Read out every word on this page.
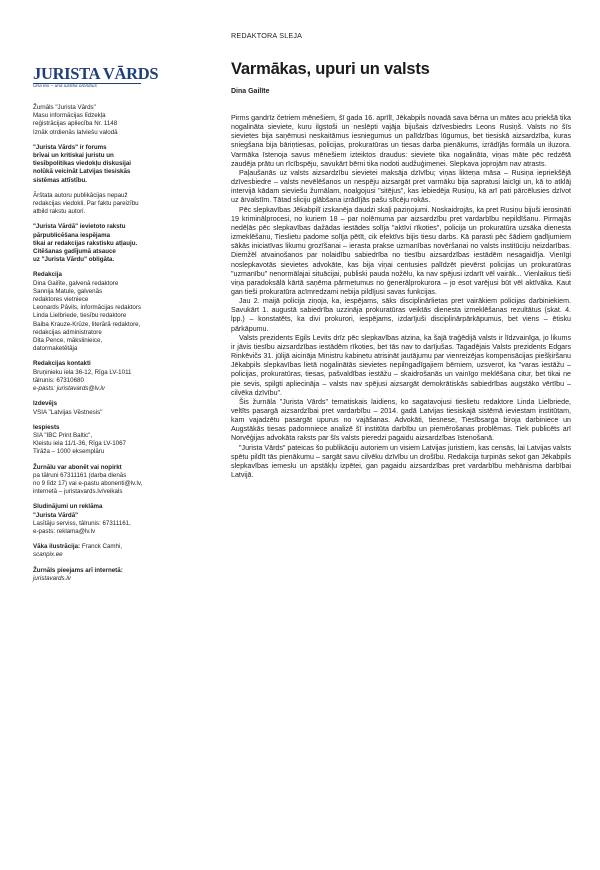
REDAKTORA SLEJA
JURISTA VĀRDS
Una lex – una iustitia omnibus
Žurnāls "Jurista Vārds"
Masu informācijas līdzekļa
reģistrācijas apliecība Nr. 1148
Iznāk otrdienās latviešu valodā
"Jurista Vārds" ir forums
brīvai un kritiskai juristu un
tiesībpolitikas viedokļu diskusijai
nolūkā veicināt Latvijas tiesiskās
sistēmas attīstību.
Ārštata autoru publikācijas nepauž
redakcijas viedokli. Par faktu pareizību
atbild rakstu autori.
"Jurista Vārdā" ievietoto rakstu
pārpublicēšana iespējama
tikai ar redakcijas rakstisku atļauju.
Citēšanas gadījumā atsauce
uz "Jurista Vārdu" obligāta.
Redakcija
Dina Gailīte, galvenā redaktore
Sannija Matule, galvenās
redaktores vietniece
Leonards Pāvils, informācijas redaktors
Linda Lielbriede, tiesību redaktore
Baiba Krauze-Krūze, literārā redaktore,
redakcijas administratore
Dita Pence, mākslinieice,
datormaketētāja
Redakcijas kontakti
Bruņinieku iela 36-12, Rīga LV-1011
tālrunis: 67310680
e-pasts: juristavards@lv.lv
Izdevējs
VSIA "Latvijas Vēstnesis"
Iespiests
SIA "IBC Print Baltic",
Kleistu iela 11/1-36, Rīga LV-1067
Tirāža – 1000 eksemplāru
Žurnālu var abonēt vai nopirkt
pa tālruni 67311161 (darba dienās
no 9 līdz 17) vai e-pastu abonenti@lv.lv,
internetā – juristavards.lv/veikals
Sludinājumi un reklāma
"Jurista Vārdā"
Lasītāju serviss, tālrunis: 67311161,
e-pasts: reklama@lv.lv
Vāka ilustrācija: Franck Camhi,
scanpix.ee
Žurnāls pieejams arī internetā:
juristavards.lv
Varmākas, upuri un valsts
Dina Gailīte

Pirms gandrīz četriem mēnešiem, šī gada 16. aprīlī, Jēkabpils novadā sava bērna un mātes acu priekšā tika nogalināta sieviete, kuru ilgstoši un neslēpti vajāja bijušais dzīvesbiedrs Leons Rusiņš. Valsts no šīs sievietes bija saņēmusi neskaitāmus iesniegumus un palīdzības lūgumus, bet tiesiskā aizsardzība, kuras sniegšana bija bāriņtiesas, policijas, prokuratūras un tiesas darba pienākums, izrādījās formāla un iluzora. Varmāka īstenoja savus mēnešiem izteiktos draudus: sieviete tika nogalināta, viņas māte pēc redzētā zaudēja prātu un rīcībspēju, savukārt bērni tika nodoti audžuģimenei. Slepkava joprojām nav atrasts.

Paļaušanās uz valsts aizsardzību sievietei maksāja dzīvību; viņas likteņa māsa – Rusiņa iepriekšējā dzīvesbiedre – valsts nevēlēšanos un nespēju aizsargāt pret varmāku bija sapratusi laicīgi un, kā to atklāj intervijā kādam sieviešu žurnālam, noalgojusi "sitējus", kas iebiedēja Rusiņu, kā arī pati pārcēlusies dzīvot uz ārvalstīm. Tātad sliciju glābšana izrādījās pašu slīcēju rokās.

Pēc slepkavības Jēkabpilī izskanēja daudzi skaļi paziņojumi. Noskaidrojās, ka pret Rusiņu bijuši ierosināti 19 kriminālprocesi, no kuriem 18 – par nolēmuma par aizsardzību pret vardarbību nepildīšanu. Pirmajās nedēļās pēc slepkavības dažādas iestādes solīja "aktīvi rīkoties", policija un prokuratūra uzsāka dienesta izmeklēšanu, Tieslietu padome solīja pētīt, cik efektīvs bijis tiesu darbs. Kā parasti pēc šādiem gadījumiem sākās iniciatīvas likumu grozīšanai – ierasta prakse uzmanības novēršanai no valsts institūciju neizdarības. Diemžēl atvainošanos par nolaidību sabiedrība no tiesību aizsardzības iestādēm nesagaidīja. Vienīgi noslepkavotās sievietes advokāte, kas bija viņai centusies palīdzēt pievērst policijas un prokuratūras "uzmanību" nenormālajai situācijai, publiski pauda nožēlu, ka nav spējusi izdarīt vēl vairāk... Vienlaikus tieši viņa paradoksālā kārtā saņēma pārmetumus no ģenerālprokurora – jo esot varējusi būt vēl aktīvāka. Kaut gan tieši prokuratūra acīmredzami nebija pildījusi savas funkcijas.

Jau 2. maijā policija ziņoja, ka, iespējams, sāks disciplinārlietas pret vairākiem policijas darbiniekiem. Savukārt 1. augustā sabiedrība uzzināja prokuratūras veiktās dienesta izmeklēšanas rezultātus (skat. 4. lpp.) – konstatēts, ka divi prokurori, iespējams, izdarījuši disciplinārpārkāpumus, bet viens – ētisku pārkāpumu.

Valsts prezidents Egils Levits drīz pēc slepkavības atzina, ka šajā traģēdijā valsts ir līdzvainīga, jo likums ir jāvis tiesību aizsardzības iestādēm rīkoties, bet tās nav to darījušas. Tagadējais Valsts prezidents Edgars Rinkēvičs 31. jūlijā aicināja Ministru kabinetu atrisināt jautājumu par vienreizējas kompensācijas piešķiršanu Jēkabpils slepkavības lietā nogalinātās sievietes nepilngadīgajiem bērniem, uzsverot, ka "varas iestāžu – policijas, prokuratūras, tiesas, pašvaldības iestāžu – skaidrošanās un vainīgo meklēšana citur, bet tikai ne pie sevis, spilgti apliecināja – valsts nav spējusi aizsargāt demokrātiskās sabiedrības augstāko vērtību – cilvēka dzīvību".

Šis žurnāla "Jurista Vārds" tematiskais laidiens, ko sagatavojusi tieslietu redaktore Linda Lielbriede, veltīts pasargā aizsardzībai pret vardarbību – 2014. gadā Latvijas tiesiskajā sistēmā ieviestam institūtam, kam vajadzētu pasargāt upurus no vajāšanas. Advokāti, tiesnese, Tiesībsarga biroja darbiniece un Augstākās tiesas padomniece analizē šī institūta darbību un piemērošanas problēmas. Tiek publicēts arī Norvēģijas advokāta raksts par šīs valsts pieredzi pagaidu aizsardzības īstenošanā.

"Jurista Vārds" pateicas šo publikāciju autoriem un visiem Latvijas juristiem, kas censās, lai Latvijas valsts spētu pildīt tās pienākumu – sargāt savu cilvēku dzīvību un drošību. Redakcija turpinās sekot gan Jēkabpils slepkavības iemeslu un apstākļu izpētei, gan pagaidu aizsardzības pret vardarbību mehānisma darbībai Latvijā.
